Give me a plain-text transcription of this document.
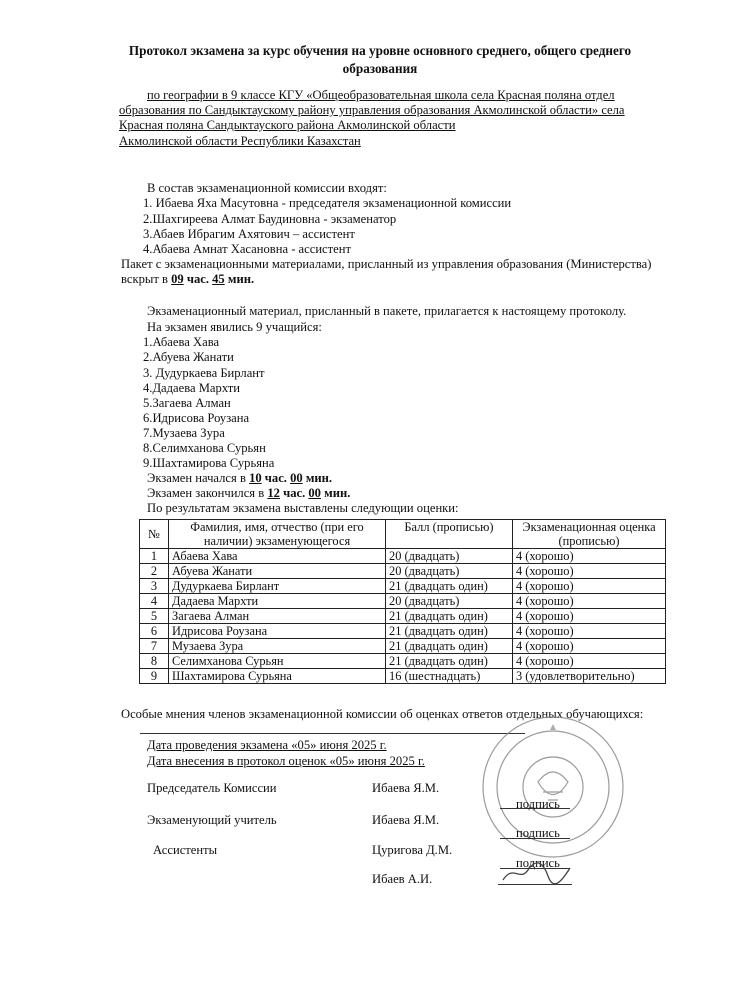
Протокол экзамена за курс обучения на уровне основного среднего, общего среднего образования
по географии в 9 классе КГУ «Общеобразовательная школа села Красная поляна отдел
образования по Сандыктаускому району управления образования Акмолинской области» села
Красная поляна Сандыктауского района Акмолинской области
Акмолинской области Республики Казахстан
В состав экзаменационной комиссии входят:
1. Ибаева Яха Масутовна - председателя экзаменационной комиссии
2.Шахгиреева Алмат Баудиновна - экзаменатор
3.Абаев Ибрагим Ахятович – ассистент
4.Абаева Амнат Хасановна - ассистент
Пакет с экзаменационными материалами, присланный из управления образования (Министерства)
вскрыт в 09 час. 45 мин.
Экзаменационный материал, присланный в пакете, прилагается к настоящему протоколу.
На экзамен явились 9 учащийся:
1.Абаева Хава
2.Абуева Жанати
3. Дудуркаева Бирлант
4.Дадаева Мархти
5.Загаева Алман
6.Идрисова Роузана
7.Музаева Зура
8.Селимханова Сурьян
9.Шахтамирова Сурьяна
Экзамен начался в 10 час. 00 мин.
Экзамен закончился в 12 час. 00 мин.
По результатам экзамена выставлены следующии оценки:
№	Фамилия, имя, отчество (при его наличии) экзаменующегося	Балл (прописью)	Экзаменационная оценка (прописью)
1	Абаева Хава	20 (двадцать)	4 (хорошо)
2	Абуева Жанати	20 (двадцать)	4 (хорошо)
3	Дудуркаева Бирлант	21 (двадцать один)	4 (хорошо)
4	Дадаева Мархти	20 (двадцать)	4 (хорошо)
5	Загаева Алман	21 (двадцать один)	4 (хорошо)
6	Идрисова Роузана	21 (двадцать один)	4 (хорошо)
7	Музаева Зура	21 (двадцать один)	4 (хорошо)
8	Селимханова Сурьян	21 (двадцать один)	4 (хорошо)
9	Шахтамирова Сурьяна	16 (шестнадцать)	3 (удовлетворительно)
Особые мнения членов экзаменационной комиссии об оценках ответов отдельных обучающихся:
Дата проведения экзамена «05» июня 2025 г.
Дата внесения в протокол оценок «05» июня 2025 г.
Председатель Комиссии	Ибаева Я.М.
подпись
Экзаменующий учитель	Ибаева Я.М.
подпись
Ассистенты	Цуригова Д.М.
подпись
Ибаев А.И.
